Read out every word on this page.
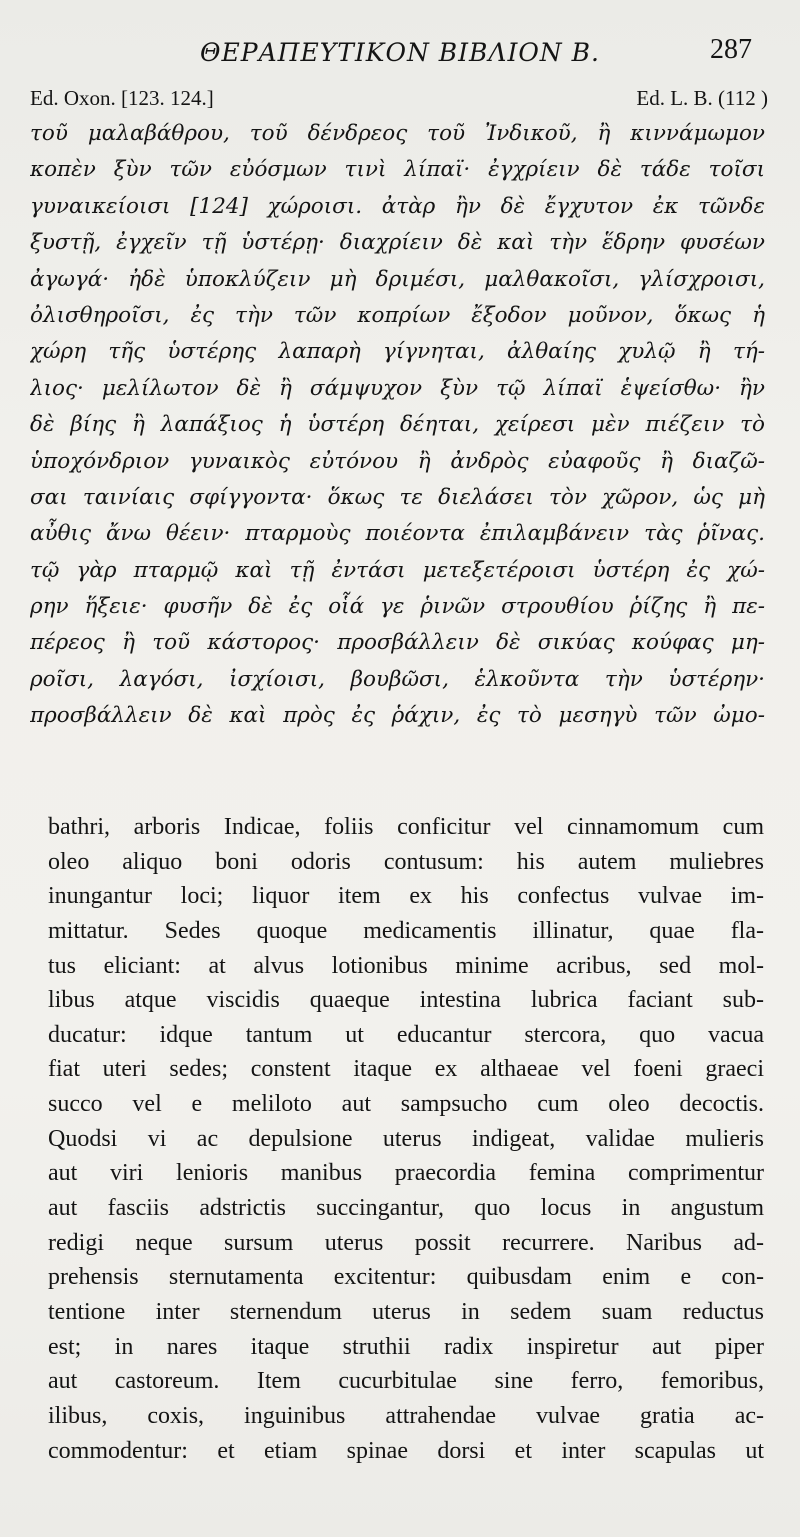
ΘΕΡΑΠΕΥΤΙΚΟΝ ΒΙΒΛΙΟΝ Β.	287
Ed. Oxon. [123. 124.]	Ed. L. B. (112 )
τοῦ μαλαβάθρου, τοῦ δένδρεος τοῦ Ἰνδικοῦ, ἢ κιννάμωμον
κοπὲν ξὺν τῶν εὐόσμων τινὶ λίπαϊ· ἐγχρίειν δὲ τάδε τοῖσι
γυναικείοισι [124] χώροισι. ἀτὰρ ἢν δὲ ἔγχυτον ἐκ τῶνδε
ξυστῇ, ἐγχεῖν τῇ ὑστέρῃ· διαχρίειν δὲ καὶ τὴν ἕδρην φυσέων
ἀγωγά· ἠδὲ ὑποκλύζειν μὴ δριμέσι, μαλθακοῖσι, γλίσχροισι,
ὀλισθηροῖσι, ἐς τὴν τῶν κοπρίων ἔξοδον μοῦνον, ὅκως ἡ
χώρη τῆς ὑστέρης λαπαρὴ γίγνηται, ἀλθαίης χυλῷ ἢ τή-
λιος· μελίλωτον δὲ ἢ σάμψυχον ξὺν τῷ λίπαϊ ἑψείσθω· ἢν
δὲ βίης ἢ λαπάξιος ἡ ὑστέρη δέηται, χείρεσι μὲν πιέζειν τὸ
ὑποχόνδριον γυναικὸς εὐτόνου ἢ ἀνδρὸς εὐαφοῦς ἢ διαζῶ-
σαι ταινίαις σφίγγοντα· ὅκως τε διελάσει τὸν χῶρον, ὡς μὴ
αὖθις ἄνω θέειν· πταρμοὺς ποιέοντα ἐπιλαμβάνειν τὰς ῥῖνας.
τῷ γὰρ πταρμῷ καὶ τῇ ἐντάσι μετεξετέροισι ὑστέρη ἐς χώ-
ρην ἥξειε· φυσῆν δὲ ἐς οἷά γε ῥινῶν στρουθίου ῥίζης ἢ πε-
πέρεος ἢ τοῦ κάστορος· προσβάλλειν δὲ σικύας κούφας μη-
ροῖσι, λαγόσι, ἰσχίοισι, βουβῶσι, ἑλκοῦντα τὴν ὑστέρην·
προσβάλλειν δὲ καὶ πρὸς ἐς ῥάχιν, ἐς τὸ μεσηγὺ τῶν ὠμο-
bathri, arboris Indicae, foliis conficitur vel cinnamomum cum
oleo aliquo boni odoris contusum: his autem muliebres
inungantur loci; liquor item ex his confectus vulvae im-
mittatur. Sedes quoque medicamentis illinatur, quae fla-
tus eliciant: at alvus lotionibus minime acribus, sed mol-
libus atque viscidis quaeque intestina lubrica faciant sub-
ducatur: idque tantum ut educantur stercora, quo vacua
fiat uteri sedes; constent itaque ex althaeae vel foeni graeci
succo vel e meliloto aut sampsucho cum oleo decoctis.
Quodsi vi ac depulsione uterus indigeat, validae mulieris
aut viri lenioris manibus praecordia femina comprimentur
aut fasciis adstrictis succingantur, quo locus in angustum
redigi neque sursum uterus possit recurrere. Naribus ad-
prehensis sternutamenta excitentur: quibusdam enim e con-
tentione inter sternendum uterus in sedem suam reductus
est; in nares itaque struthii radix inspiretur aut piper
aut castoreum. Item cucurbitulae sine ferro, femoribus,
ilibus, coxis, inguinibus attrahendae vulvae gratia ac-
commodentur: et etiam spinae dorsi et inter scapulas ut
